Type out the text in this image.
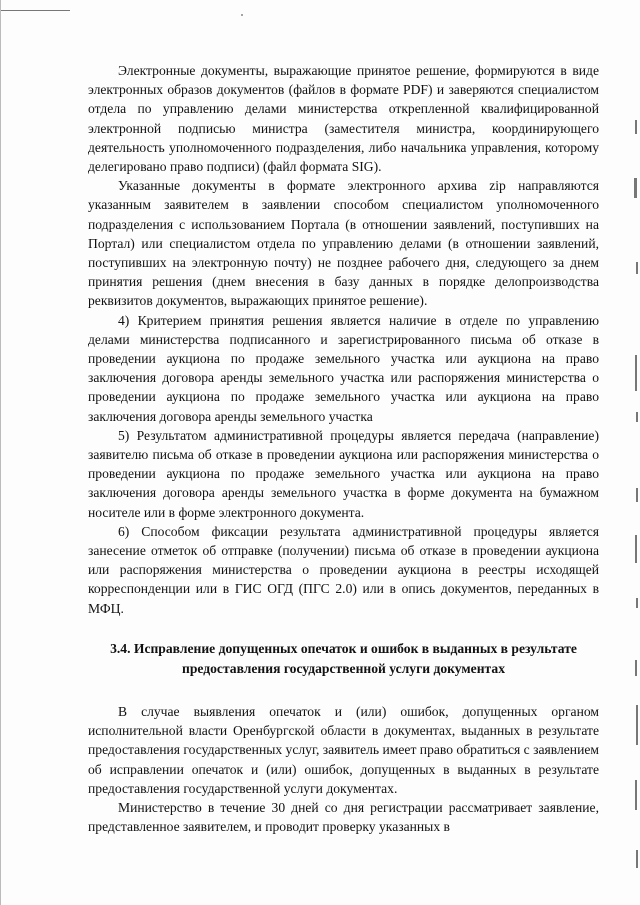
Электронные документы, выражающие принятое решение, формируются в виде электронных образов документов (файлов в формате PDF) и заверяются специалистом отдела по управлению делами министерства открепленной квалифицированной электронной подписью министра (заместителя министра, координирующего деятельность уполномоченного подразделения, либо начальника управления, которому делегировано право подписи) (файл формата SIG).

Указанные документы в формате электронного архива zip направляются указанным заявителем в заявлении способом специалистом уполномоченного подразделения с использованием Портала (в отношении заявлений, поступивших на Портал) или специалистом отдела по управлению делами (в отношении заявлений, поступивших на электронную почту) не позднее рабочего дня, следующего за днем принятия решения (днем внесения в базу данных в порядке делопроизводства реквизитов документов, выражающих принятое решение).

4) Критерием принятия решения является наличие в отделе по управлению делами министерства подписанного и зарегистрированного письма об отказе в проведении аукциона по продаже земельного участка или аукциона на право заключения договора аренды земельного участка или распоряжения министерства о проведении аукциона по продаже земельного участка или аукциона на право заключения договора аренды земельного участка

5) Результатом административной процедуры является передача (направление) заявителю письма об отказе в проведении аукциона или распоряжения министерства о проведении аукциона по продаже земельного участка или аукциона на право заключения договора аренды земельного участка в форме документа на бумажном носителе или в форме электронного документа.

6) Способом фиксации результата административной процедуры является занесение отметок об отправке (получении) письма об отказе в проведении аукциона или распоряжения министерства о проведении аукциона в реестры исходящей корреспонденции или в ГИС ОГД (ПГС 2.0) или в опись документов, переданных в МФЦ.

3.4. Исправление допущенных опечаток и ошибок в выданных в результате предоставления государственной услуги документах

В случае выявления опечаток и (или) ошибок, допущенных органом исполнительной власти Оренбургской области в документах, выданных в результате предоставления государственных услуг, заявитель имеет право обратиться с заявлением об исправлении опечаток и (или) ошибок, допущенных в выданных в результате предоставления государственной услуги документах.

Министерство в течение 30 дней со дня регистрации рассматривает заявление, представленное заявителем, и проводит проверку указанных в
